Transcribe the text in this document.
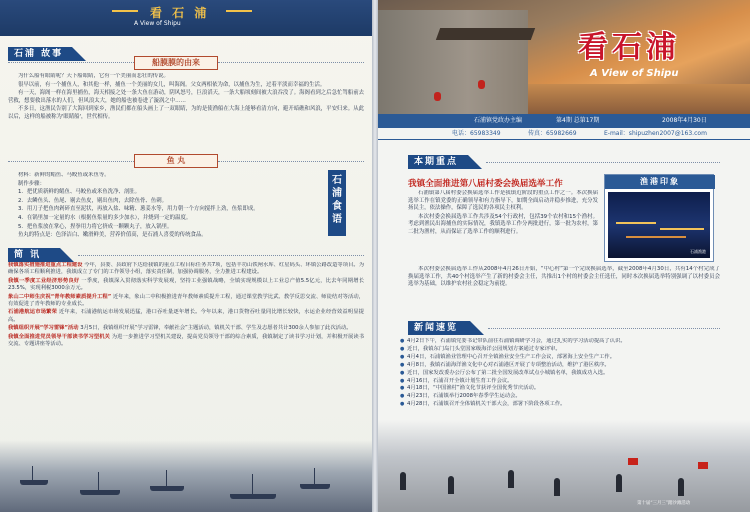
看 石 浦
A View of Shipu
石浦 故事
船膜膜的由来

为什么船有眼睛呢？天下船眼睛，它有一个美丽而悲壮的传说。

很早以前，有一个捕鱼人，和其他一样，捕鱼一个美丽的女儿，叫海阁。父女两相依为命，以捕鱼为生，过着平淡而幸福的生活。

有一天，海阁一样在海里捕鱼，海天相接之处一条大鱼在游动，阴风怒号，巨浪滔天，一条大船顷刻间被大浪吞没了。海阁看到之后急忙驾船前去营救，想要救出落水的人们，但风浪太大，她的船也被卷进了漩涡之中……

不多日，这渔民告别了大海回到家乡，渔民们都在船头画上了一双眼睛，为的是使渔船在大海上能够看清方向，避开暗礁和风浪，平安归来。从此以后，这样的船被称为'眼睛船'，世代相传。

鱼 丸

材料：新鲜的鲳鱼、马鲛鱼或米鱼等。

制作步骤：

1．把优质新鲜的鲳鱼、马鲛鱼或米鱼洗净、剖肚。

2．去鳞鱼头、鱼尾、剔去鱼皮，剔出鱼肉，去除鱼骨、鱼刺。

3．用刀子把鱼肉剁碎直至泥状，再放入盐、味精、葱姜水等，用力朝一个方向搅拌上劲，鱼浆即成。

4．在锅里加一定量的水（根据鱼浆量的多少加水），并烧到一定的温度。

5．把鱼浆放在掌心，捏拳用力将它挤成一颗颗丸子，放入锅里。

鱼丸的特点是：色泽洁白、嫩滑鲜美，营养价值高，是石浦人喜爱的传统食品。

石浦食语
简 讯

我镇落实措施推进重点工程建设 今年，县委、县政府下达给我镇的重点工程目标任务共7项，包括丰功山铁闸水库、红星码头、环镇公路改造等项目。为确保各项工程顺利推进，我镇成立了专门的工作领导小组，落实责任制，加强协调服务，全力推进工程建设。

我镇一季度工业经济形势良好 一季度，我镇深入贯彻落实科学发展观，坚持工业强镇战略，全镇实现规模以上工业总产值5.5亿元，比去年同期增长23.5%，实现利税3000余万元。

象山二中师生庆祝“青年教师素质提升工程” 近年来，象山二中积极推进青年教师素质提升工程，通过课堂教学比武、教学反思交流、师徒结对等活动，有效促进了青年教师的专业成长。

石浦港航运市场繁荣 近年来，石浦港航运市场发展迅猛，港口吞吐量逐年增长。今年以来，港口货物吞吐量同比增长较快，水运企业经营效益明显提高。

我镇组织开展“学习雷锋”活动 3月5日，我镇组织开展“学习雷锋，奉献社会”主题活动，镇机关干部、学生及志愿者共计300余人参加了此次活动。

我镇全面推进党员领导干部读书学习型机关 为进一步推进学习型机关建设，提高党员领导干部的综合素质，我镇制定了读书学习计划，并积极开展读书交流、专题讲座等活动。

看石浦
A View of Shipu
石浦镇党政办主编	第4期 总第17期	2008年4月30日
电话：65983349	传真：65982669	E-mail：shipuzhen2007@163.com
本期重点
我镇全面推进第八届村委会换届选举工作

石浦镇第八届村委会换届选举工作是我镇近阶段的重点工作之一。本次换届选举工作在镇党委的正确领导和有力指导下，如期全面启动并稳步推进，充分发扬民主，依法操作，保障了选民的各项民主权利。

本次村委会换届选举工作共涉及54个行政村，包括39个农村和15个渔村。考虑到渔民出海捕鱼的实际情况，我镇选举工作分两批进行，第一批为农村，第二批为渔村，从而保证了选举工作的顺利进行。

本次村委会换届选举工作从2008年4月26日开始，“中心村”第一个完成换届选举，截至2008年4月30日，共有14个村完成了换届选举工作，共40个村选举产生了新的村委会主任，共推出1个村的村委会主任选任，同时本次换届选举特别强调了以村委员会选举为基础，以维护农村社会稳定为前提。

渔港印象
石浦渔港
新闻速览
第十届“三月三”踏沙滩活动

● 4月2日下午，石浦镇党委书记带队前往石浦镇调研学习会，通过扎实的学习活动提高了认识。

● 近日，我镇东门岛门头堂国家级海洋公园规划方案通过专家评审。

● 4月4日，石浦镇渔业管理中心召开全镇渔业安全生产工作会议，部署海上安全生产工作。

● 4月8日，我镇石浦海洋渔文化中心对石浦港区开展了专项整治活动，维护了港区秩序。

● 近日，国家发改委办公厅公布了第二批全国发展改革试点小城镇名单，我镇成功入选。

● 4月16日，石浦召开全镇计划生育工作会议。

● 4月18日，“中国渔村”渔文化节获评全国优秀节庆活动。

● 4月23日，石浦镇举行2008年春季学生运动会。

● 4月28日，石浦镇召开全体镇机关干部大会，部署下阶段各项工作。
